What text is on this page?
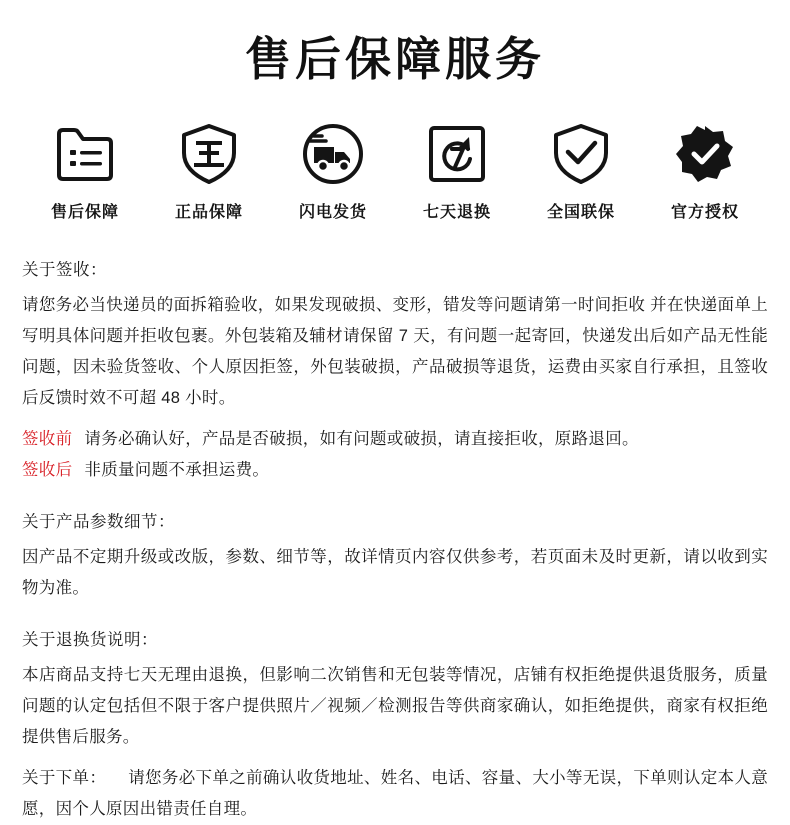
售后保障服务
售后保障	正品保障	闪电发货	七天退换	全国联保	官方授权

关于签收：

请您务必当快递员的面拆箱验收，如果发现破损、变形，错发等问题请第一时间拒收 并在快递面单上写明具体问题并拒收包裹。外包装箱及辅材请保留 7 天，有问题一起寄回，快递发出后如产品无性能问题，因未验货签收、个人原因拒签，外包装破损，产品破损等退货，运费由买家自行承担，且签收后反馈时效不可超 48 小时。

签收前 请务必确认好，产品是否破损，如有问题或破损，请直接拒收，原路退回。

签收后 非质量问题不承担运费。

关于产品参数细节：

因产品不定期升级或改版，参数、细节等，故详情页内容仅供参考，若页面未及时更新，请以收到实物为准。

关于退换货说明：

本店商品支持七天无理由退换，但影响二次销售和无包装等情况，店铺有权拒绝提供退货服务，质量问题的认定包括但不限于客户提供照片／视频／检测报告等供商家确认，如拒绝提供，商家有权拒绝提供售后服务。

关于下单： 请您务必下单之前确认收货地址、姓名、电话、容量、大小等无误，下单则认定本人意愿，因个人原因出错责任自理。
